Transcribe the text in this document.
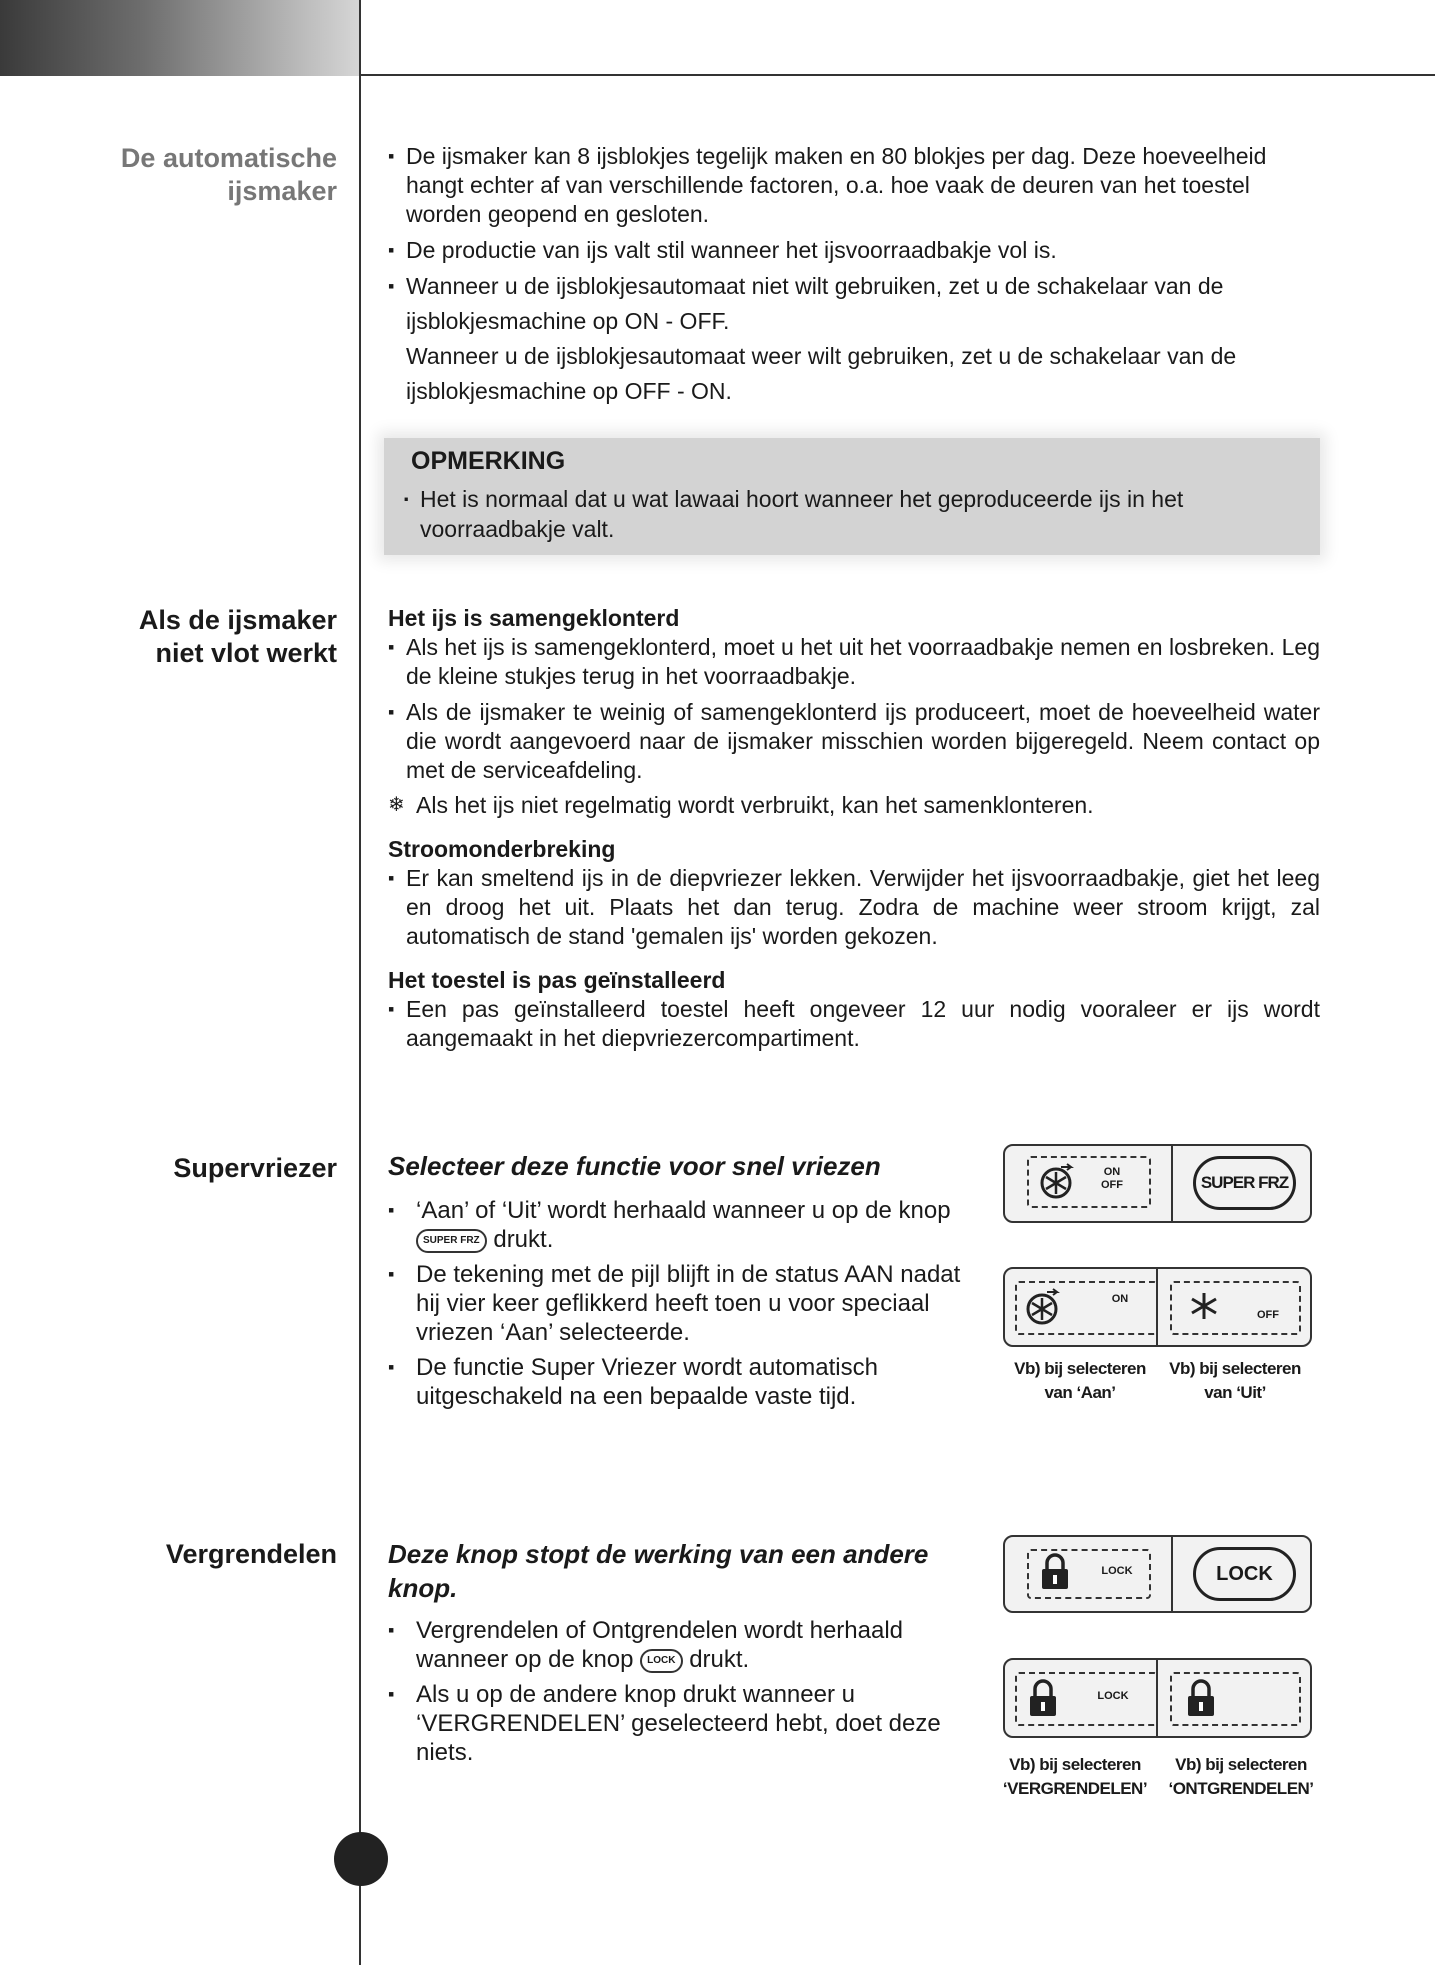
De automatische
ijsmaker

▪ De ijsmaker kan 8 ijsblokjes tegelijk maken en 80 blokjes per dag. Deze hoeveelheid hangt echter af van verschillende factoren, o.a. hoe vaak de deuren van het toestel worden geopend en gesloten.

▪ De productie van ijs valt stil wanneer het ijsvoorraadbakje vol is.

▪ Wanneer u de ijsblokjesautomaat niet wilt gebruiken, zet u de schakelaar van de ijsblokjesmachine op ON - OFF.

Wanneer u de ijsblokjesautomaat weer wilt gebruiken, zet u de schakelaar van de ijsblokjesmachine op OFF - ON.

OPMERKING
· Het is normaal dat u wat lawaai hoort wanneer het geproduceerde ijs in het voorraadbakje valt.
Als de ijsmaker
niet vlot werkt

Het ijs is samengeklonterd

▪ Als het ijs is samengeklonterd, moet u het uit het voorraadbakje nemen en losbreken. Leg de kleine stukjes terug in het voorraadbakje.

▪ Als de ijsmaker te weinig of samengeklonterd ijs produceert, moet de hoeveelheid water die wordt aangevoerd naar de ijsmaker misschien worden bijgeregeld. Neem contact op met de serviceafdeling.

❄ Als het ijs niet regelmatig wordt verbruikt, kan het samenklonteren.

Stroomonderbreking

▪ Er kan smeltend ijs in de diepvriezer lekken. Verwijder het ijsvoorraadbakje, giet het leeg en droog het uit. Plaats het dan terug. Zodra de machine weer stroom krijgt, zal automatisch de stand 'gemalen ijs' worden gekozen.

Het toestel is pas geïnstalleerd

▪ Een pas geïnstalleerd toestel heeft ongeveer 12 uur nodig vooraleer er ijs wordt aangemaakt in het diepvriezercompartiment.

Supervriezer Selecteer deze functie voor snel vriezen

▪ ‘Aan’ of ‘Uit’ wordt herhaald wanneer u op de knop SUPER FRZ drukt.

▪ De tekening met de pijl blijft in de status AAN nadat hij vier keer geflikkerd heeft toen u voor speciaal vriezen ‘Aan’ selecteerde.

▪ De functie Super Vriezer wordt automatisch uitgeschakeld na een bepaalde vaste tijd.

ON
OFF	SUPER FRZ
ON
OFF
Vb) bij selecteren
van ‘Aan’
Vb) bij selecteren
van ‘Uit’
Vergrendelen Deze knop stopt de werking van een andere knop.

▪ Vergrendelen of Ontgrendelen wordt herhaald wanneer op de knop LOCK drukt.

▪ Als u op de andere knop drukt wanneer u ‘VERGRENDELEN’ geselecteerd hebt, doet deze niets.

LOCK	LOCK
LOCK
Vb) bij selecteren
‘VERGRENDELEN’
Vb) bij selecteren
‘ONTGRENDELEN’
